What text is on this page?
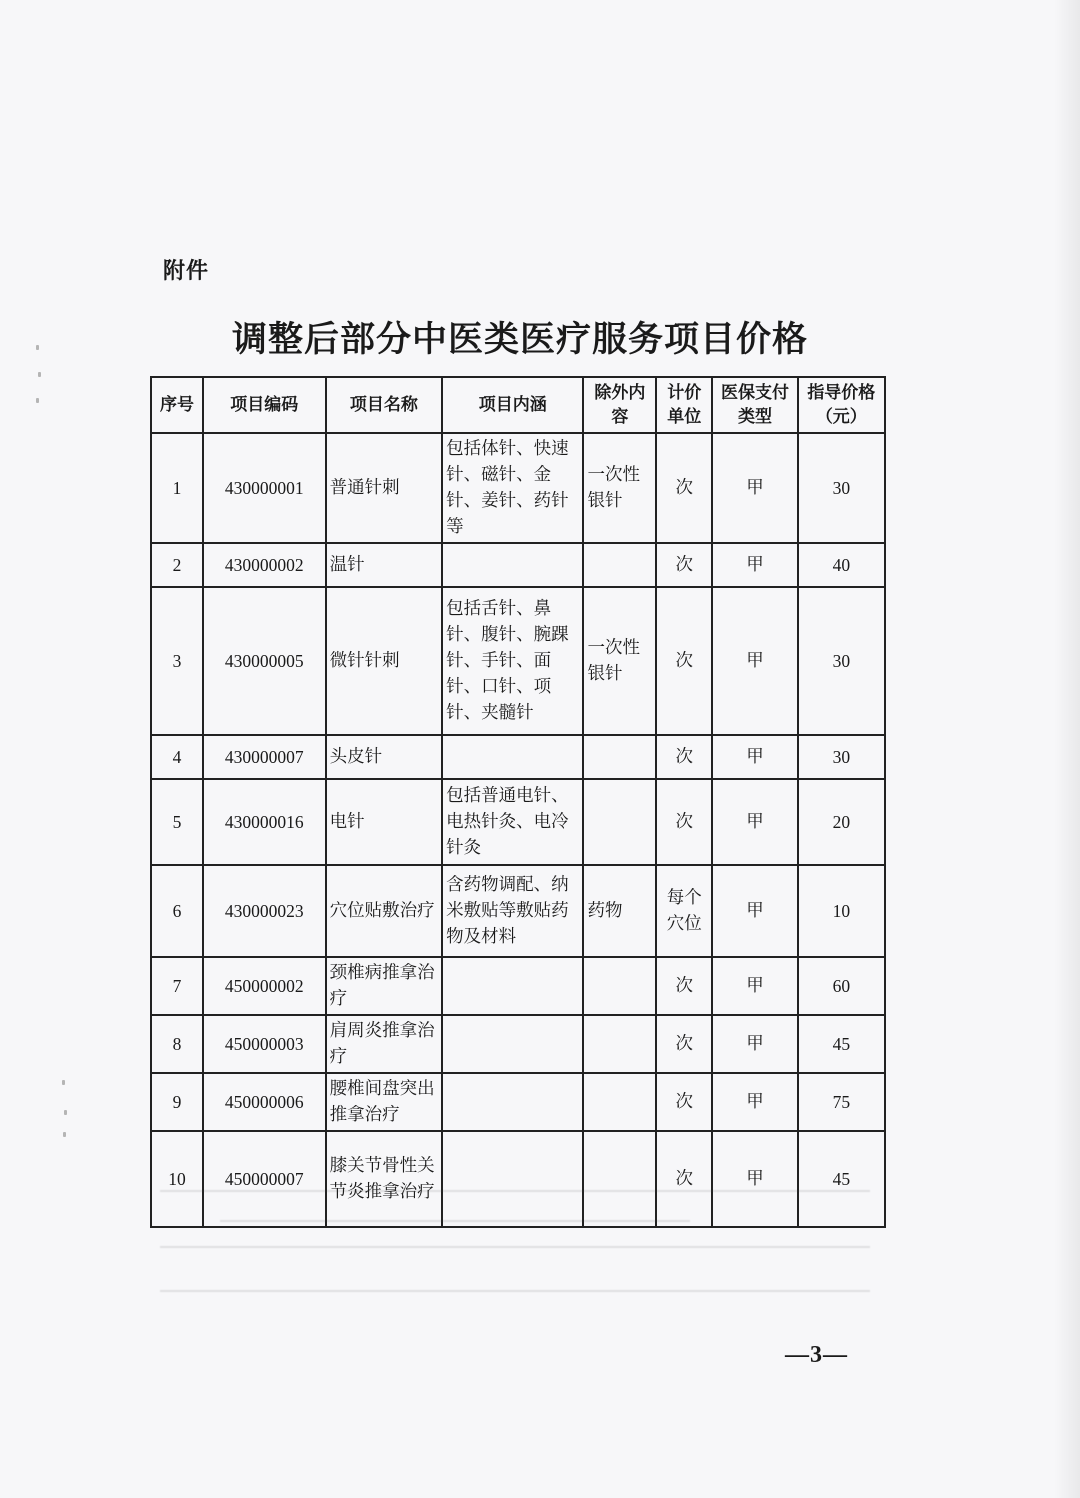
附件
调整后部分中医类医疗服务项目价格
序号	项目编码	项目名称	项目内涵	除外内容	计价单位	医保支付类型	指导价格（元）
1	430000001	普通针刺	包括体针、快速针、磁针、金针、姜针、药针等	一次性银针	次	甲	30
2	430000002	温针			次	甲	40
3	430000005	微针针刺	包括舌针、鼻针、腹针、腕踝针、手针、面针、口针、项针、夹髓针	一次性银针	次	甲	30
4	430000007	头皮针			次	甲	30
5	430000016	电针	包括普通电针、电热针灸、电冷针灸		次	甲	20
6	430000023	穴位贴敷治疗	含药物调配、纳米敷贴等敷贴药物及材料	药物	每个穴位	甲	10
7	450000002	颈椎病推拿治疗			次	甲	60
8	450000003	肩周炎推拿治疗			次	甲	45
9	450000006	腰椎间盘突出推拿治疗			次	甲	75
10	450000007	膝关节骨性关节炎推拿治疗			次	甲	45
—3—
